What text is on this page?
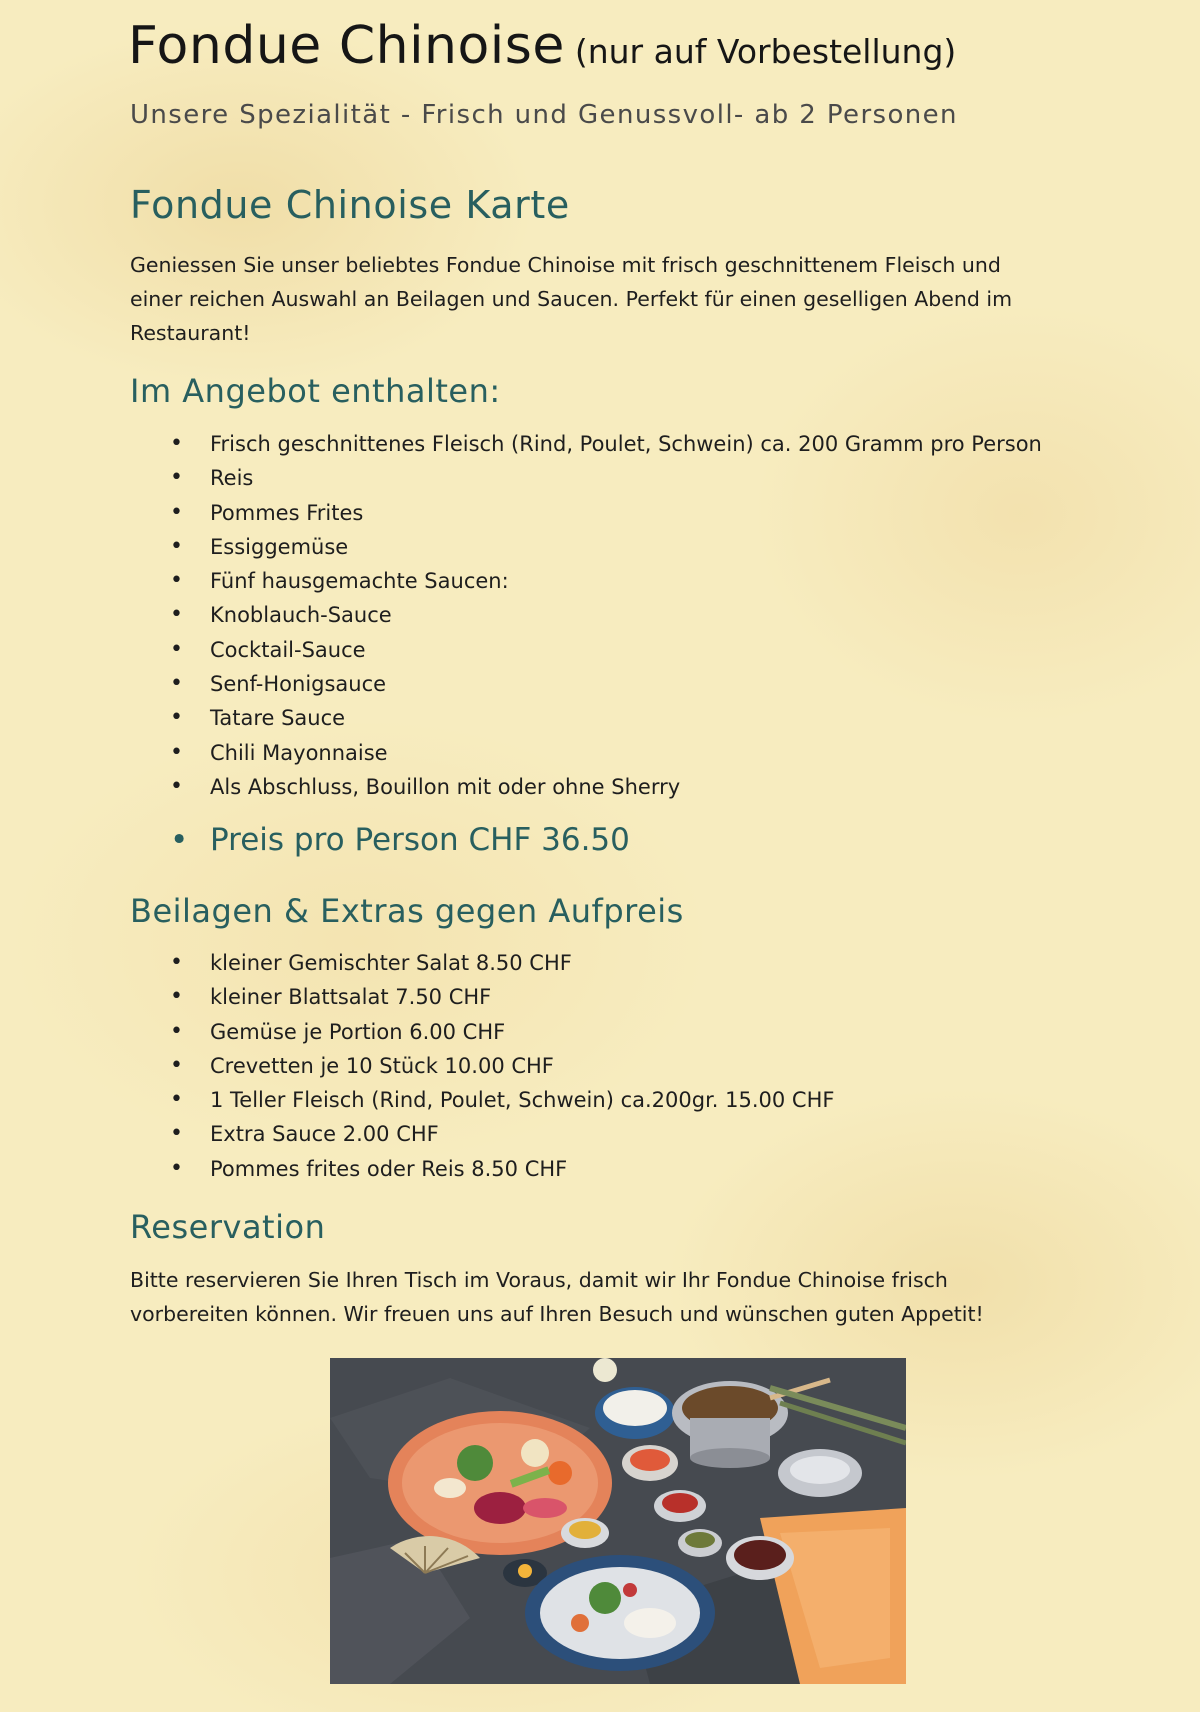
Fondue Chinoise (nur auf Vorbestellung)
Unsere Spezialität - Frisch und Genussvoll- ab 2 Personen
Fondue Chinoise Karte
Geniessen Sie unser beliebtes Fondue Chinoise mit frisch geschnittenem Fleisch und einer reichen Auswahl an Beilagen und Saucen. Perfekt für einen geselligen Abend im Restaurant!
Im Angebot enthalten:
• Frisch geschnittenes Fleisch (Rind, Poulet, Schwein) ca. 200 Gramm pro Person
• Reis
• Pommes Frites
• Essiggemüse
• Fünf hausgemachte Saucen:
• Knoblauch-Sauce
• Cocktail-Sauce
• Senf-Honigsauce
• Tatare Sauce
• Chili Mayonnaise
• Als Abschluss, Bouillon mit oder ohne Sherry
• Preis pro Person CHF 36.50
Beilagen & Extras gegen Aufpreis
• kleiner Gemischter Salat 8.50 CHF
• kleiner Blattsalat 7.50 CHF
• Gemüse je Portion 6.00 CHF
• Crevetten je 10 Stück 10.00 CHF
• 1 Teller Fleisch (Rind, Poulet, Schwein) ca.200gr. 15.00 CHF
• Extra Sauce 2.00 CHF
• Pommes frites oder Reis 8.50 CHF
Reservation
Bitte reservieren Sie Ihren Tisch im Voraus, damit wir Ihr Fondue Chinoise frisch vorbereiten können. Wir freuen uns auf Ihren Besuch und wünschen guten Appetit!
